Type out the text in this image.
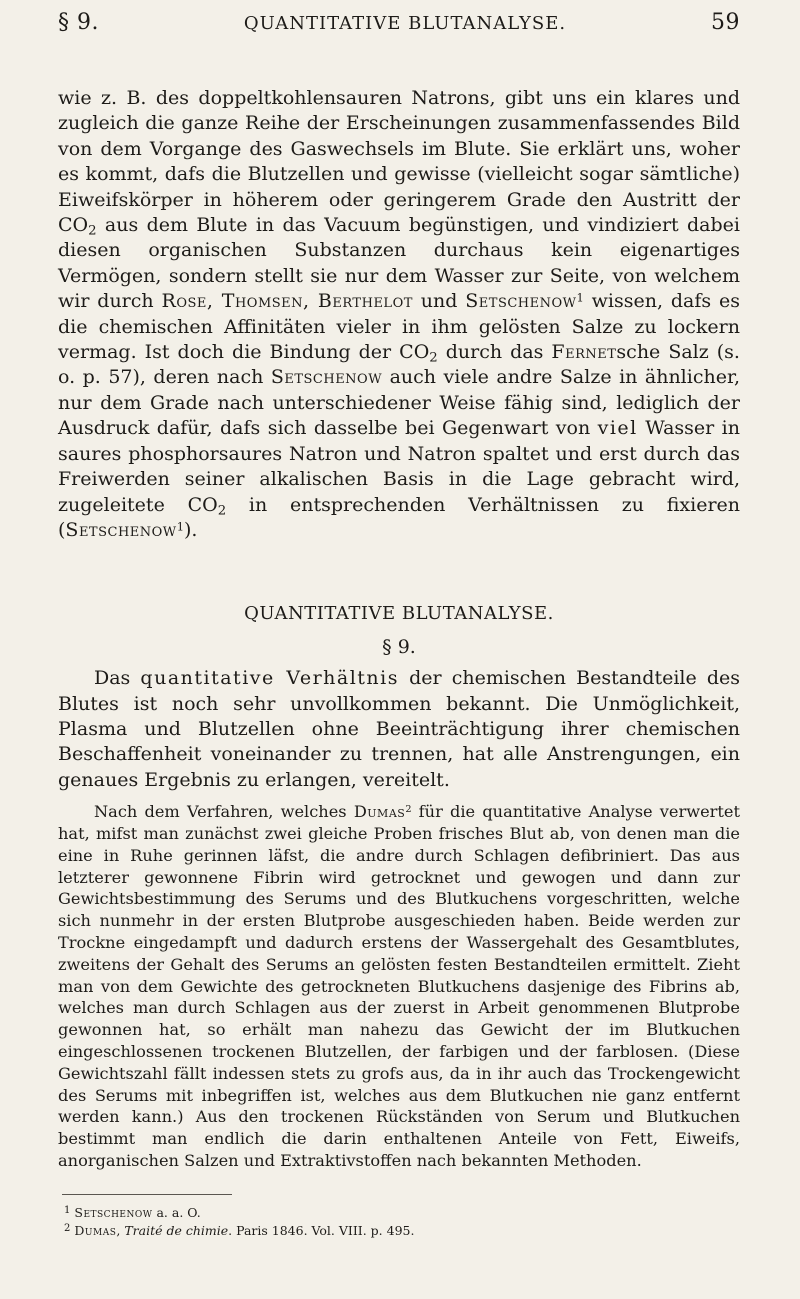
§ 9.	QUANTITATIVE BLUTANALYSE.	59

wie z. B. des doppeltkohlensauren Natrons, gibt uns ein klares und zugleich die ganze Reihe der Erscheinungen zusammenfassendes Bild von dem Vorgange des Gaswechsels im Blute. Sie erklärt uns, woher es kommt, dafs die Blutzellen und gewisse (vielleicht sogar sämtliche) Eiweifskörper in höherem oder geringerem Grade den Austritt der $CO_2$ aus dem Blute in das Vacuum begünstigen, und vindiziert dabei diesen organischen Substanzen durchaus kein eigenartiges Vermögen, sondern stellt sie nur dem Wasser zur Seite, von welchem wir durch Rose, Thomsen, Berthelot und Setschenow$^1$ wissen, dafs es die chemischen Affinitäten vieler in ihm gelösten Salze zu lockern vermag. Ist doch die Bindung der $CO_2$ durch das Fernetsche Salz (s. o. p. 57), deren nach Setschenow auch viele andre Salze in ähnlicher, nur dem Grade nach unterschiedener Weise fähig sind, lediglich der Ausdruck dafür, dafs sich dasselbe bei Gegenwart von viel Wasser in saures phosphorsaures Natron und Natron spaltet und erst durch das Freiwerden seiner alkalischen Basis in die Lage gebracht wird, zugeleitete $CO_2$ in entsprechenden Verhältnissen zu fixieren (Setschenow$^1$).

QUANTITATIVE BLUTANALYSE.
§ 9.

Das quantitative Verhältnis der chemischen Bestandteile des Blutes ist noch sehr unvollkommen bekannt. Die Unmöglichkeit, Plasma und Blutzellen ohne Beeinträchtigung ihrer chemischen Beschaffenheit voneinander zu trennen, hat alle Anstrengungen, ein genaues Ergebnis zu erlangen, vereitelt.

Nach dem Verfahren, welches Dumas$^2$ für die quantitative Analyse verwertet hat, mifst man zunächst zwei gleiche Proben frisches Blut ab, von denen man die eine in Ruhe gerinnen läfst, die andre durch Schlagen defibriniert. Das aus letzterer gewonnene Fibrin wird getrocknet und gewogen und dann zur Gewichtsbestimmung des Serums und des Blutkuchens vorgeschritten, welche sich nunmehr in der ersten Blutprobe ausgeschieden haben. Beide werden zur Trockne eingedampft und dadurch erstens der Wassergehalt des Gesamtblutes, zweitens der Gehalt des Serums an gelösten festen Bestandteilen ermittelt. Zieht man von dem Gewichte des getrockneten Blutkuchens dasjenige des Fibrins ab, welches man durch Schlagen aus der zuerst in Arbeit genommenen Blutprobe gewonnen hat, so erhält man nahezu das Gewicht der im Blutkuchen eingeschlossenen trockenen Blutzellen, der farbigen und der farblosen. (Diese Gewichtszahl fällt indessen stets zu grofs aus, da in ihr auch das Trockengewicht des Serums mit inbegriffen ist, welches aus dem Blutkuchen nie ganz entfernt werden kann.) Aus den trockenen Rückständen von Serum und Blutkuchen bestimmt man endlich die darin enthaltenen Anteile von Fett, Eiweifs, anorganischen Salzen und Extraktivstoffen nach bekannten Methoden.

$^1$ Setschenow a. a. O.
$^2$ Dumas, Traité de chimie. Paris 1846. Vol. VIII. p. 495.
